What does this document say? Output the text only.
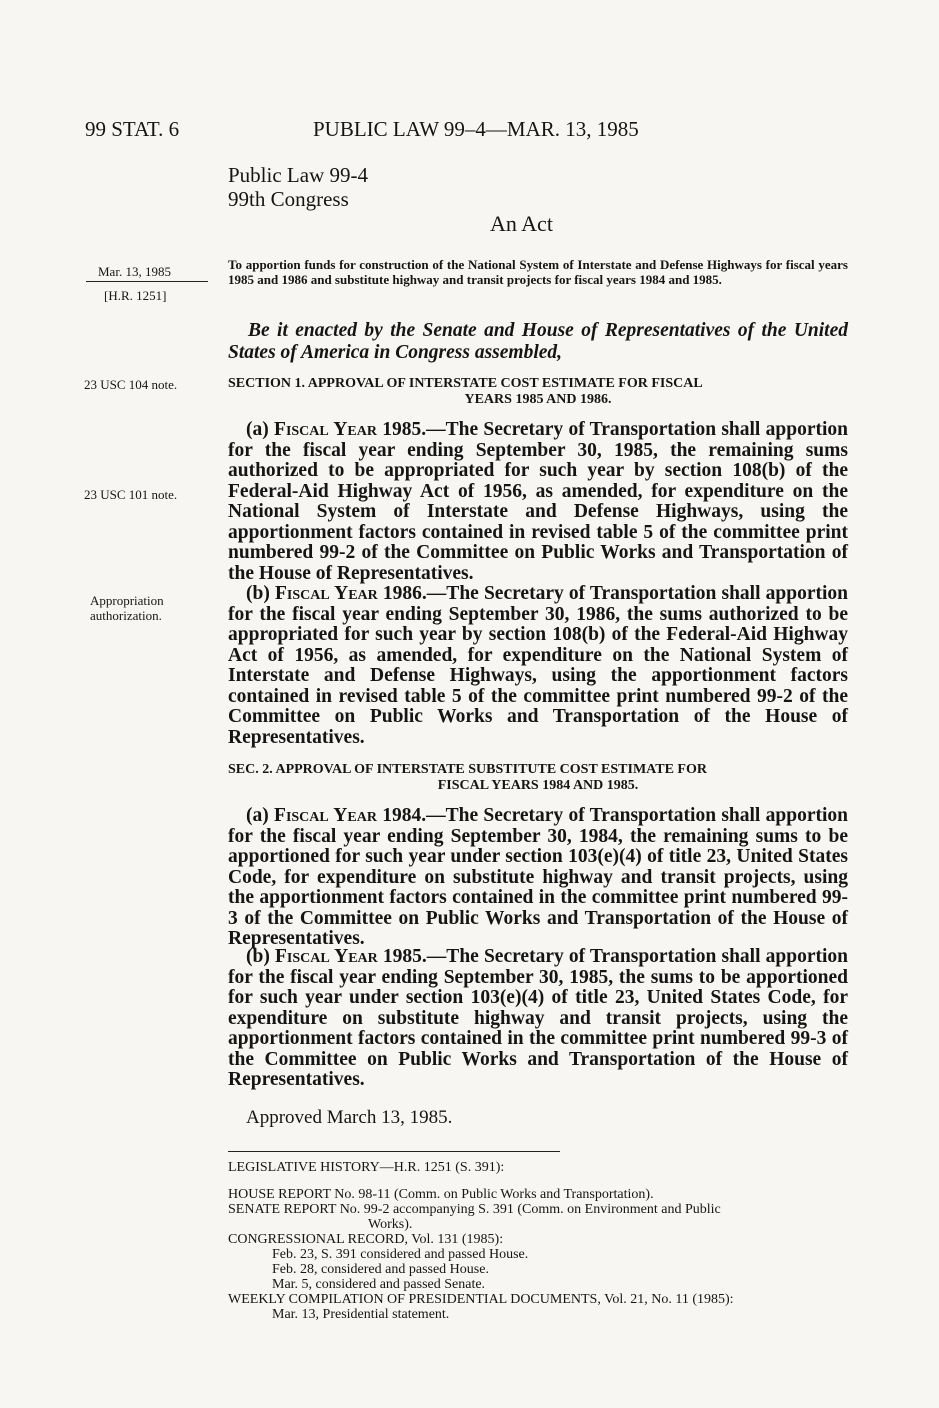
99 STAT. 6	PUBLIC LAW 99–4—MAR. 13, 1985
Public Law 99-4
99th Congress
An Act
Mar. 13, 1985
[H.R. 1251]
23 USC 104 note.
23 USC 101 note.
Appropriation
authorization.
To apportion funds for construction of the National System of Interstate and Defense Highways for fiscal years 1985 and 1986 and substitute highway and transit projects for fiscal years 1984 and 1985.
Be it enacted by the Senate and House of Representatives of the United States of America in Congress assembled,
SECTION 1. APPROVAL OF INTERSTATE COST ESTIMATE FOR FISCAL
YEARS 1985 AND 1986.
(a) Fiscal Year 1985.—The Secretary of Transportation shall apportion for the fiscal year ending September 30, 1985, the remaining sums authorized to be appropriated for such year by section 108(b) of the Federal-Aid Highway Act of 1956, as amended, for expenditure on the National System of Interstate and Defense Highways, using the apportionment factors contained in revised table 5 of the committee print numbered 99-2 of the Committee on Public Works and Transportation of the House of Representatives.
(b) Fiscal Year 1986.—The Secretary of Transportation shall apportion for the fiscal year ending September 30, 1986, the sums authorized to be appropriated for such year by section 108(b) of the Federal-Aid Highway Act of 1956, as amended, for expenditure on the National System of Interstate and Defense Highways, using the apportionment factors contained in revised table 5 of the committee print numbered 99-2 of the Committee on Public Works and Transportation of the House of Representatives.
SEC. 2. APPROVAL OF INTERSTATE SUBSTITUTE COST ESTIMATE FOR
FISCAL YEARS 1984 AND 1985.
(a) Fiscal Year 1984.—The Secretary of Transportation shall apportion for the fiscal year ending September 30, 1984, the remaining sums to be apportioned for such year under section 103(e)(4) of title 23, United States Code, for expenditure on substitute highway and transit projects, using the apportionment factors contained in the committee print numbered 99-3 of the Committee on Public Works and Transportation of the House of Representatives.
(b) Fiscal Year 1985.—The Secretary of Transportation shall apportion for the fiscal year ending September 30, 1985, the sums to be apportioned for such year under section 103(e)(4) of title 23, United States Code, for expenditure on substitute highway and transit projects, using the apportionment factors contained in the committee print numbered 99-3 of the Committee on Public Works and Transportation of the House of Representatives.
Approved March 13, 1985.
LEGISLATIVE HISTORY—H.R. 1251 (S. 391):
HOUSE REPORT No. 98-11 (Comm. on Public Works and Transportation).
SENATE REPORT No. 99-2 accompanying S. 391 (Comm. on Environment and Public
Works).
CONGRESSIONAL RECORD, Vol. 131 (1985):
Feb. 23, S. 391 considered and passed House.
Feb. 28, considered and passed House.
Mar. 5, considered and passed Senate.
WEEKLY COMPILATION OF PRESIDENTIAL DOCUMENTS, Vol. 21, No. 11 (1985):
Mar. 13, Presidential statement.
